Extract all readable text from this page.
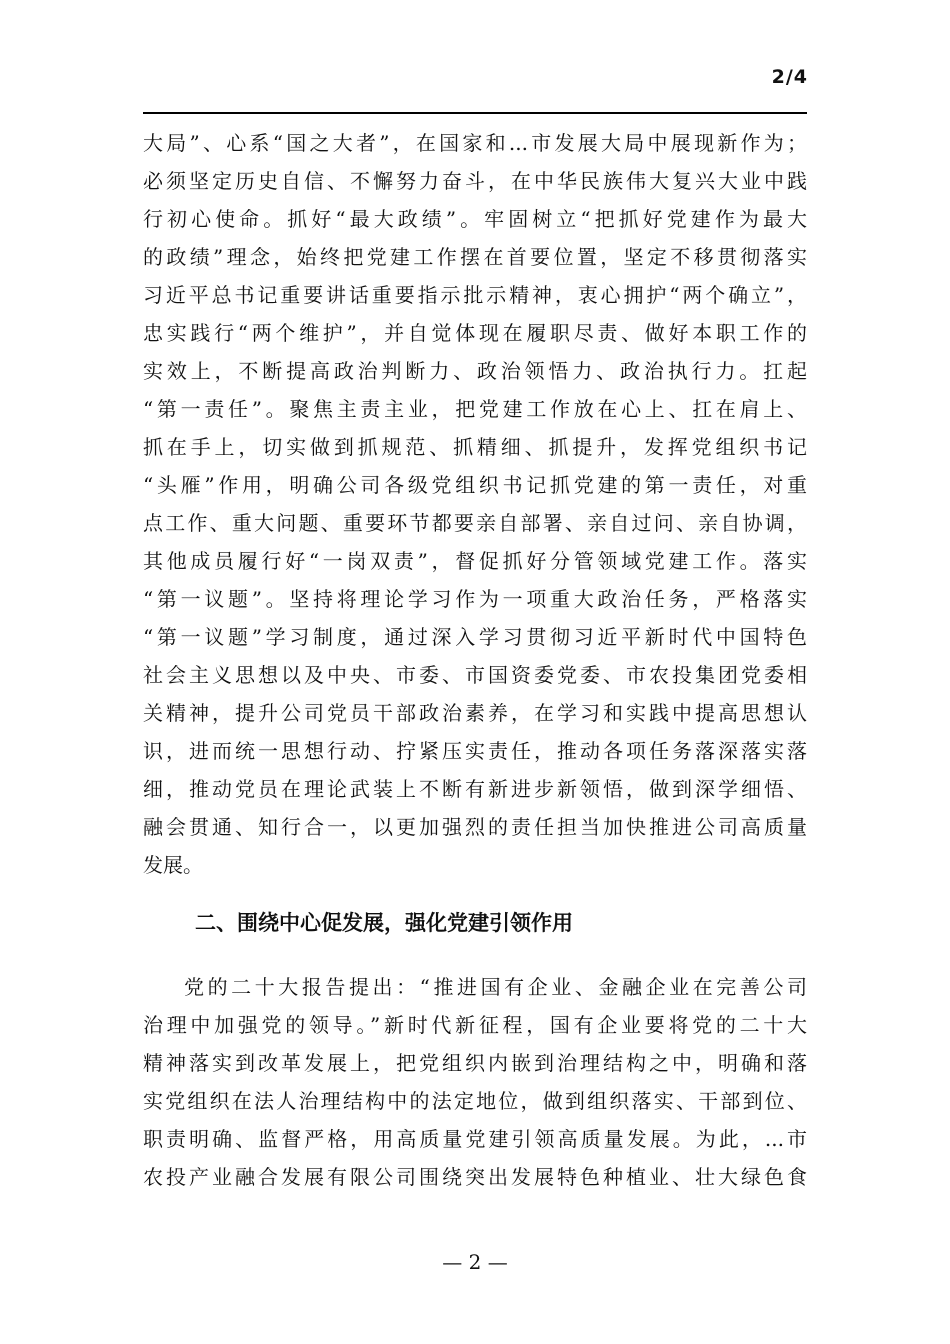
2/4
大局”、心系“国之大者”，在国家和...市发展大局中展现新作为；
必须坚定历史自信、不懈努力奋斗，在中华民族伟大复兴大业中践
行初心使命。抓好“最大政绩”。牢固树立“把抓好党建作为最大
的政绩”理念，始终把党建工作摆在首要位置，坚定不移贯彻落实
习近平总书记重要讲话重要指示批示精神，衷心拥护“两个确立”，
忠实践行“两个维护”，并自觉体现在履职尽责、做好本职工作的
实效上，不断提高政治判断力、政治领悟力、政治执行力。扛起
“第一责任”。聚焦主责主业，把党建工作放在心上、扛在肩上、
抓在手上，切实做到抓规范、抓精细、抓提升，发挥党组织书记
“头雁”作用，明确公司各级党组织书记抓党建的第一责任，对重
点工作、重大问题、重要环节都要亲自部署、亲自过问、亲自协调，
其他成员履行好“一岗双责”，督促抓好分管领域党建工作。落实
“第一议题”。坚持将理论学习作为一项重大政治任务，严格落实
“第一议题”学习制度，通过深入学习贯彻习近平新时代中国特色
社会主义思想以及中央、市委、市国资委党委、市农投集团党委相
关精神，提升公司党员干部政治素养，在学习和实践中提高思想认
识，进而统一思想行动、拧紧压实责任，推动各项任务落深落实落
细，推动党员在理论武装上不断有新进步新领悟，做到深学细悟、
融会贯通、知行合一，以更加强烈的责任担当加快推进公司高质量
发展。
二、围绕中心促发展，强化党建引领作用
党的二十大报告提出：“推进国有企业、金融企业在完善公司
治理中加强党的领导。”新时代新征程，国有企业要将党的二十大
精神落实到改革发展上，把党组织内嵌到治理结构之中，明确和落
实党组织在法人治理结构中的法定地位，做到组织落实、干部到位、
职责明确、监督严格，用高质量党建引领高质量发展。为此，...市
农投产业融合发展有限公司围绕突出发展特色种植业、壮大绿色食
— 2 —
